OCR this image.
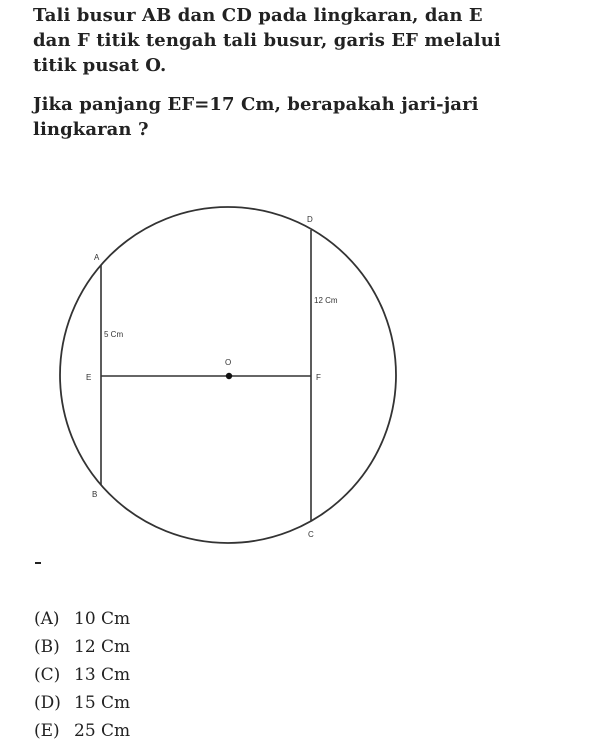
Tali busur AB dan CD pada lingkaran, dan E
dan F titik tengah tali busur, garis EF melalui
titik pusat O.
Jika panjang EF=17 Cm, berapakah jari-jari
lingkaran ?
A
B
C
D
E	F
O
5 Cm
12 Cm
(A) 10 Cm
(B) 12 Cm
(C) 13 Cm
(D) 15 Cm
(E) 25 Cm
